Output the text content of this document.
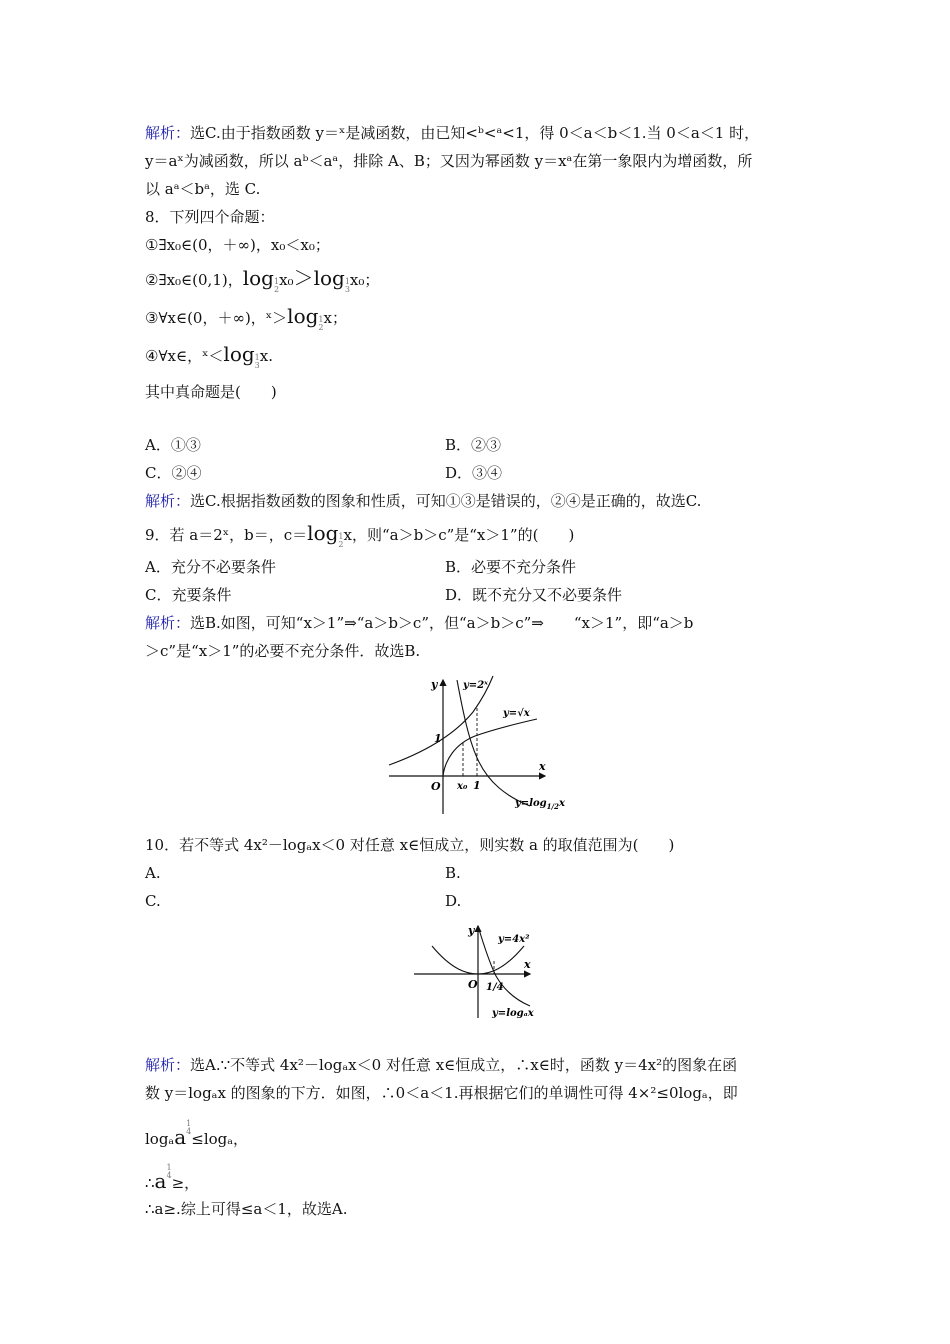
解析：选C.由于指数函数 y＝ˣ是减函数，由已知<ᵇ<ᵃ<1，得 0＜a＜b＜1.当 0＜a＜1 时，
y＝aˣ为减函数，所以 aᵇ＜aᵃ，排除 A、B；又因为幂函数 y＝xᵃ在第一象限内为增函数，所
以 aᵃ＜bᵃ，选 C.
8．下列四个命题：
①∃x₀∈(0，＋∞)，x₀＜x₀；
②∃x₀∈(0,1)，log1
2x₀＞log1
3x₀；
③∀x∈(0，＋∞)，ˣ＞log1
2x；
④∀x∈，ˣ＜log1
3x.
其中真命题是(　　)
A．①③	B．②③
C．②④	D．③④
解析：选C.根据指数函数的图象和性质，可知①③是错误的，②④是正确的，故选C.
9．若 a＝2ˣ，b＝，c＝log1
2x，则“a＞b＞c”是“x＞1”的(　　)
A．充分不必要条件	B．必要不充分条件
C．充要条件	D．既不充分又不必要条件
解析：选B.如图，可知“x＞1”⇒“a＞b＞c”，但“a＞b＞c”⇒　　“x＞1”，即“a＞b
＞c”是“x＞1”的必要不充分条件．故选B.
y
x
O
1
x₀ 1
y=2ˣ
y=√x
$y=\log_{1/2}x$
10．若不等式 4x²－logₐx＜0 对任意 x∈恒成立，则实数 a 的取值范围为(　　)
A.	B.
C.	D.
y
x
O 1/4
y=4x²
y=logₐx
解析：选A.∵不等式 4x²－logₐx＜0 对任意 x∈恒成立，∴x∈时，函数 y＝4x²的图象在函
数 y＝logₐx 的图象的下方．如图，∴0＜a＜1.再根据它们的单调性可得 4×²≤0logₐ，即
logₐa1
4≤logₐ，
∴a1
4≥，
∴a≥.综上可得≤a＜1，故选A.
